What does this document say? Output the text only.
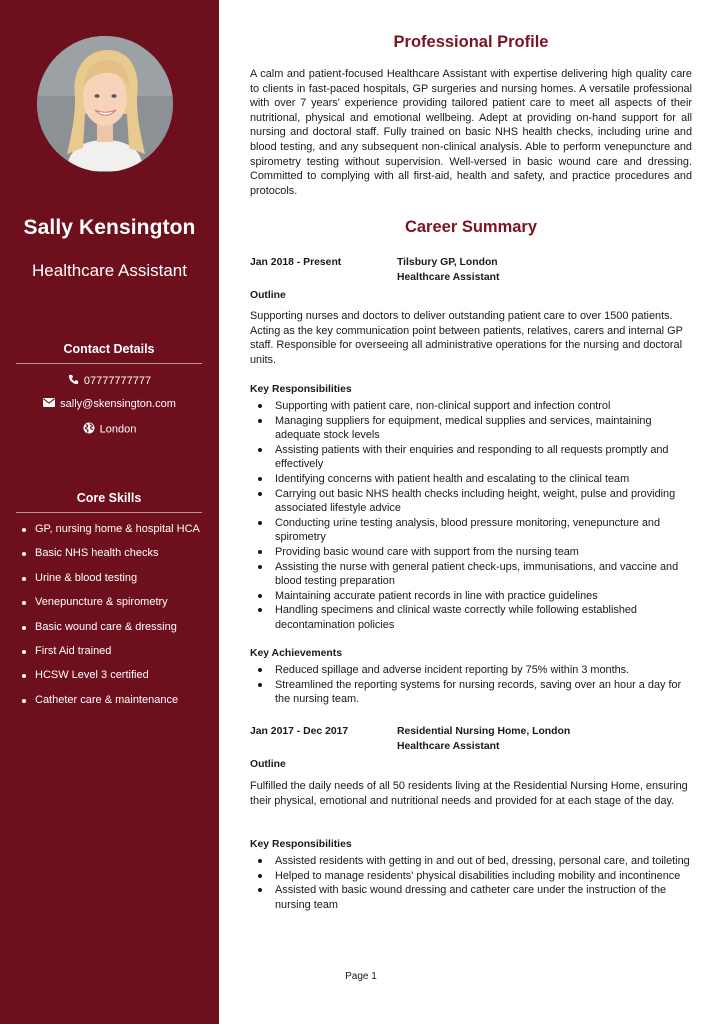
Sally Kensington
Healthcare Assistant
Contact Details
07777777777
sally@skensington.com
London
Core Skills
GP, nursing home & hospital HCA
Basic NHS health checks
Urine & blood testing
Venepuncture & spirometry
Basic wound care & dressing
First Aid trained
HCSW Level 3 certified
Catheter care & maintenance
Professional Profile

A calm and patient-focused Healthcare Assistant with expertise delivering high quality care to clients in fast-paced hospitals, GP surgeries and nursing homes. A versatile professional with over 7 years' experience providing tailored patient care to meet all aspects of their nutritional, physical and emotional wellbeing. Adept at providing on-hand support for all nursing and doctoral staff. Fully trained on basic NHS health checks, including urine and blood testing, and any subsequent non-clinical analysis. Able to perform venepuncture and spirometry testing without supervision. Well-versed in basic wound care and dressing. Committed to complying with all first-aid, health and safety, and practice procedures and protocols.

Career Summary
Jan 2018 - Present	Tilsbury GP, London
Healthcare Assistant
Outline

Supporting nurses and doctors to deliver outstanding patient care to over 1500 patients. Acting as the key communication point between patients, relatives, carers and internal GP staff. Responsible for overseeing all administrative operations for the nursing and doctoral units.

Key Responsibilities
Supporting with patient care, non-clinical support and infection control
Managing suppliers for equipment, medical supplies and services, maintaining adequate stock levels
Assisting patients with their enquiries and responding to all requests promptly and effectively
Identifying concerns with patient health and escalating to the clinical team
Carrying out basic NHS health checks including height, weight, pulse and providing associated lifestyle advice
Conducting urine testing analysis, blood pressure monitoring, venepuncture and spirometry
Providing basic wound care with support from the nursing team
Assisting the nurse with general patient check-ups, immunisations, and vaccine and blood testing preparation
Maintaining accurate patient records in line with practice guidelines
Handling specimens and clinical waste correctly while following established decontamination policies
Key Achievements
Reduced spillage and adverse incident reporting by 75% within 3 months.
Streamlined the reporting systems for nursing records, saving over an hour a day for the nursing team.
Jan 2017 - Dec 2017	Residential Nursing Home, London
Healthcare Assistant
Outline

Fulfilled the daily needs of all 50 residents living at the Residential Nursing Home, ensuring their physical, emotional and nutritional needs and provided for at each stage of the day.

Key Responsibilities
Assisted residents with getting in and out of bed, dressing, personal care, and toileting
Helped to manage residents' physical disabilities including mobility and incontinence
Assisted with basic wound dressing and catheter care under the instruction of the nursing team
Page 1
